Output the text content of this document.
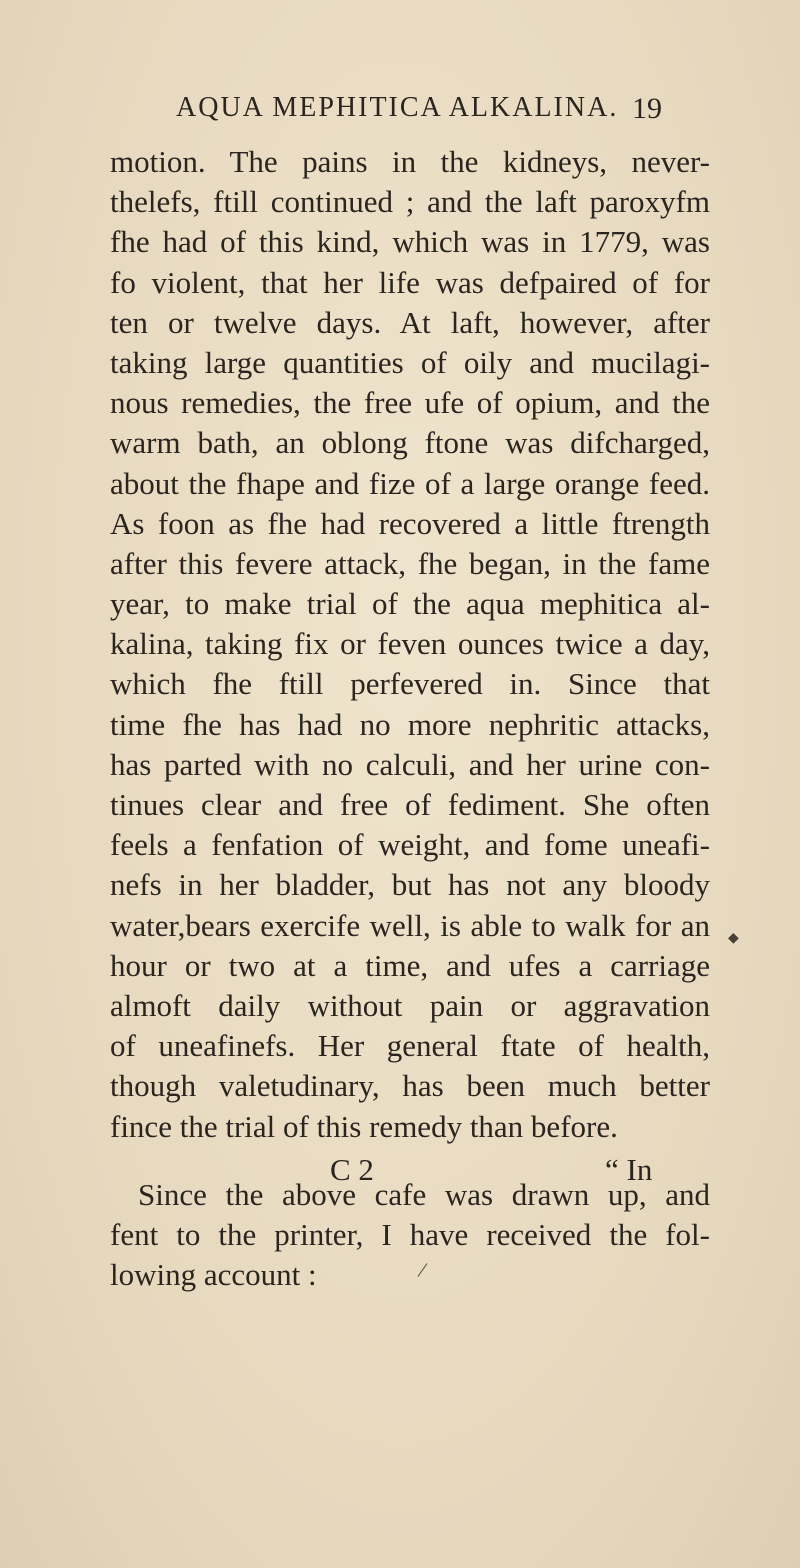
AQUA MEPHITICA ALKALINA. 19
motion. The pains in the kidneys, never-
thelefs, ftill continued ; and the laft paroxyfm
fhe had of this kind, which was in 1779, was
fo violent, that her life was defpaired of for
ten or twelve days. At laft, however, after
taking large quantities of oily and mucilagi-
nous remedies, the free ufe of opium, and the
warm bath, an oblong ftone was difcharged,
about the fhape and fize of a large orange feed.
As foon as fhe had recovered a little ftrength
after this fevere attack, fhe began, in the fame
year, to make trial of the aqua mephitica al-
kalina, taking fix or feven ounces twice a day,
which fhe ftill perfevered in. Since that
time fhe has had no more nephritic attacks,
has parted with no calculi, and her urine con-
tinues clear and free of fediment. She often
feels a fenfation of weight, and fome uneafi-
nefs in her bladder, but has not any bloody
water,bears exercife well, is able to walk for an
hour or two at a time, and ufes a carriage
almoft daily without pain or aggravation
of uneafinefs. Her general ftate of health,
though valetudinary, has been much better
fince the trial of this remedy than before.
Since the above cafe was drawn up, and
fent to the printer, I have received the fol-
lowing account :
C 2	“ In
◆
